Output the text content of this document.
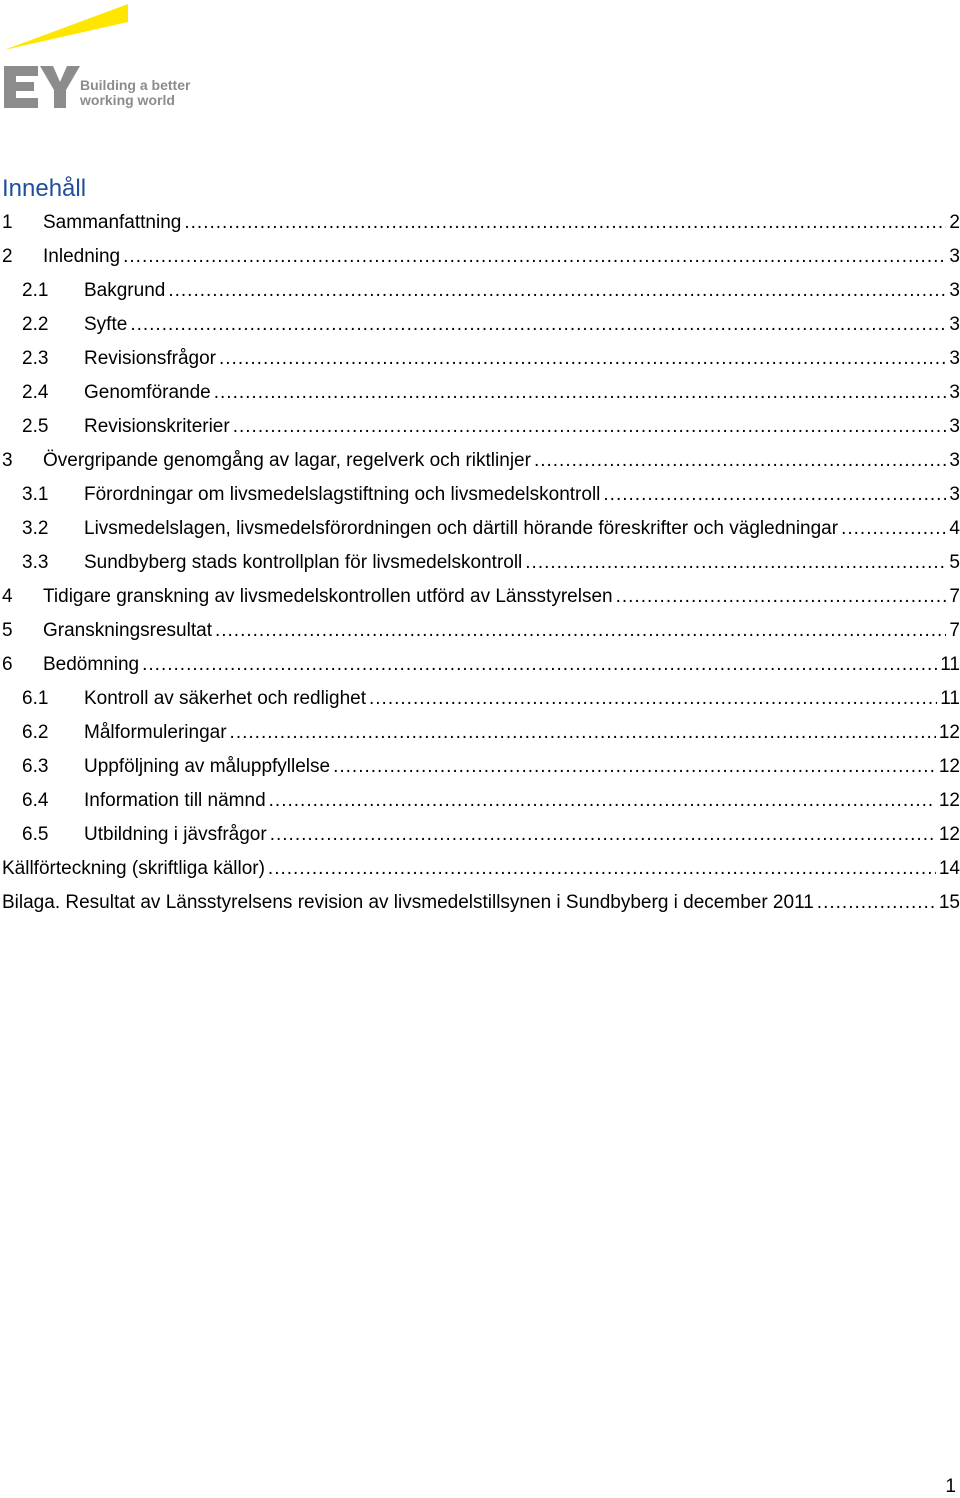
Building a better
working world
Innehåll
1	Sammanfattning .....	2
2	Inledning .....	3
2.1	Bakgrund .....	3
2.2	Syfte .....	3
2.3	Revisionsfrågor .....	3
2.4	Genomförande .....	3
2.5	Revisionskriterier .....	3
3	Övergripande genomgång av lagar, regelverk och riktlinjer .....	3
3.1	Förordningar om livsmedelslagstiftning och livsmedelskontroll .....	3
3.2	Livsmedelslagen, livsmedelsförordningen och därtill hörande föreskrifter och vägledningar .....	4
3.3	Sundbyberg stads kontrollplan för livsmedelskontroll .....	5
4	Tidigare granskning av livsmedelskontrollen utförd av Länsstyrelsen .....	7
5	Granskningsresultat .....	7
6	Bedömning .....	11
6.1	Kontroll av säkerhet och redlighet .....	11
6.2	Målformuleringar .....	12
6.3	Uppföljning av måluppfyllelse .....	12
6.4	Information till nämnd .....	12
6.5	Utbildning i jävsfrågor .....	12
Källförteckning (skriftliga källor) .....	14
Bilaga. Resultat av Länsstyrelsens revision av livsmedelstillsynen i Sundbyberg i december 2011 .....	15
1
